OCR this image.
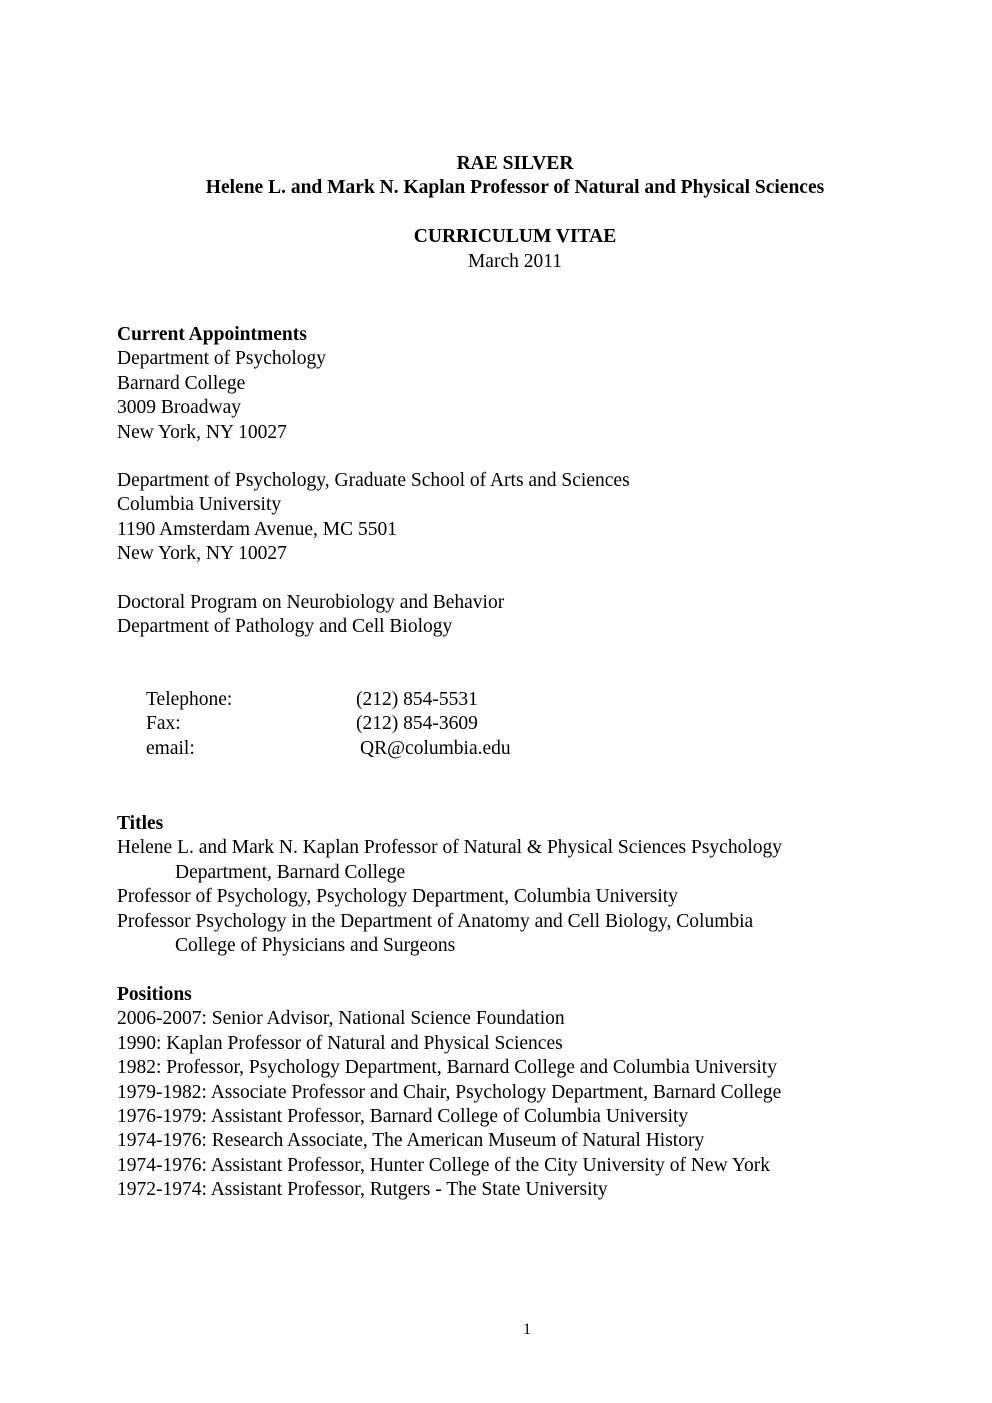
RAE SILVER
Helene L. and Mark N. Kaplan Professor of Natural and Physical Sciences
CURRICULUM VITAE
March 2011
Current Appointments
Department of Psychology
Barnard College
3009 Broadway
New York, NY 10027
Department of Psychology, Graduate School of Arts and Sciences
Columbia University
1190 Amsterdam Avenue, MC 5501
New York, NY 10027
Doctoral Program on Neurobiology and Behavior
Department of Pathology and Cell Biology
Telephone:	(212) 854-5531
Fax:	(212) 854-3609
email:	QR@columbia.edu
Titles
Helene L. and Mark N. Kaplan Professor of Natural & Physical Sciences Psychology
Department, Barnard College
Professor of Psychology, Psychology Department, Columbia University
Professor Psychology in the Department of Anatomy and Cell Biology, Columbia
College of Physicians and Surgeons
Positions
2006-2007: Senior Advisor, National Science Foundation
1990: Kaplan Professor of Natural and Physical Sciences
1982: Professor, Psychology Department, Barnard College and Columbia University
1979-1982: Associate Professor and Chair, Psychology Department, Barnard College
1976-1979: Assistant Professor, Barnard College of Columbia University
1974-1976: Research Associate, The American Museum of Natural History
1974-1976: Assistant Professor, Hunter College of the City University of New York
1972-1974: Assistant Professor, Rutgers - The State University
1
